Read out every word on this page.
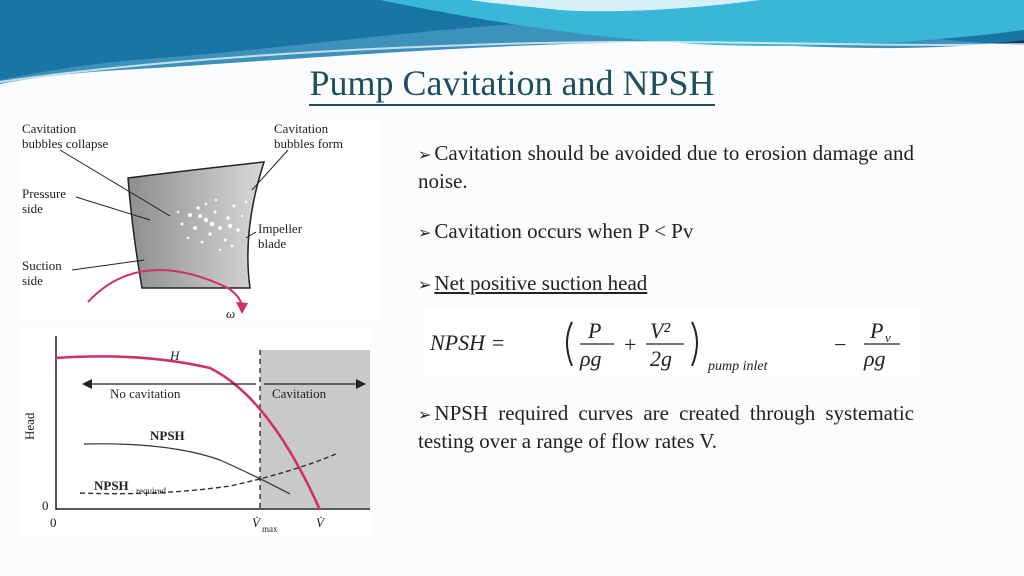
Pump Cavitation and NPSH
Cavitation
bubbles collapse
Cavitation
bubbles form
Pressure
side
Suction
side
Impeller
blade
ω
H
No cavitation	Cavitation
Head	NPSH
NPSH required
0
0	V̇ max	V̇
➢ Cavitation should be avoided due to erosion damage and noise.
➢ Cavitation occurs when P < Pv
➢ Net positive suction head
NPSH =	P
ρg
+
V²
2g	pump inlet
−
P v
ρg
➢ NPSH required curves are created through systematic testing over a range of flow rates V.
